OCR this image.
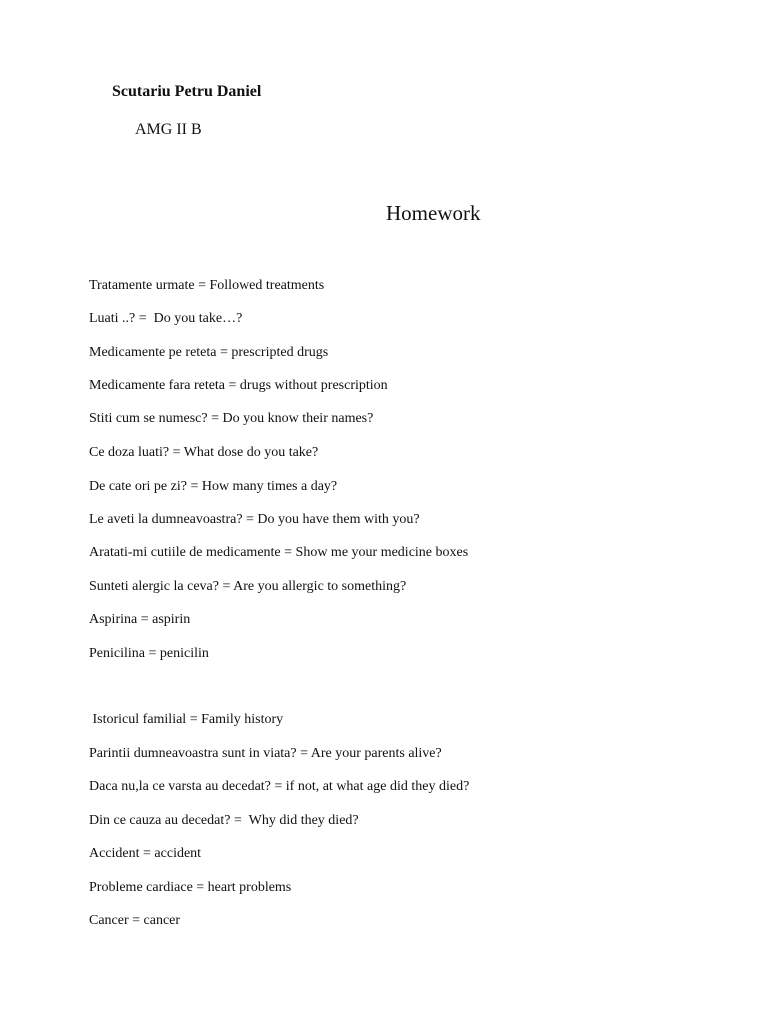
Scutariu Petru Daniel
AMG II B
Homework
Tratamente urmate = Followed treatments
Luati ..? =  Do you take…?
Medicamente pe reteta = prescripted drugs
Medicamente fara reteta = drugs without prescription
Stiti cum se numesc? = Do you know their names?
Ce doza luati? = What dose do you take?
De cate ori pe zi? = How many times a day?
Le aveti la dumneavoastra? = Do you have them with you?
Aratati-mi cutiile de medicamente = Show me your medicine boxes
Sunteti alergic la ceva? = Are you allergic to something?
Aspirina = aspirin
Penicilina = penicilin
Istoricul familial = Family history
Parintii dumneavoastra sunt in viata? = Are your parents alive?
Daca nu,la ce varsta au decedat? = if not, at what age did they died?
Din ce cauza au decedat? =  Why did they died?
Accident = accident
Probleme cardiace = heart problems
Cancer = cancer
